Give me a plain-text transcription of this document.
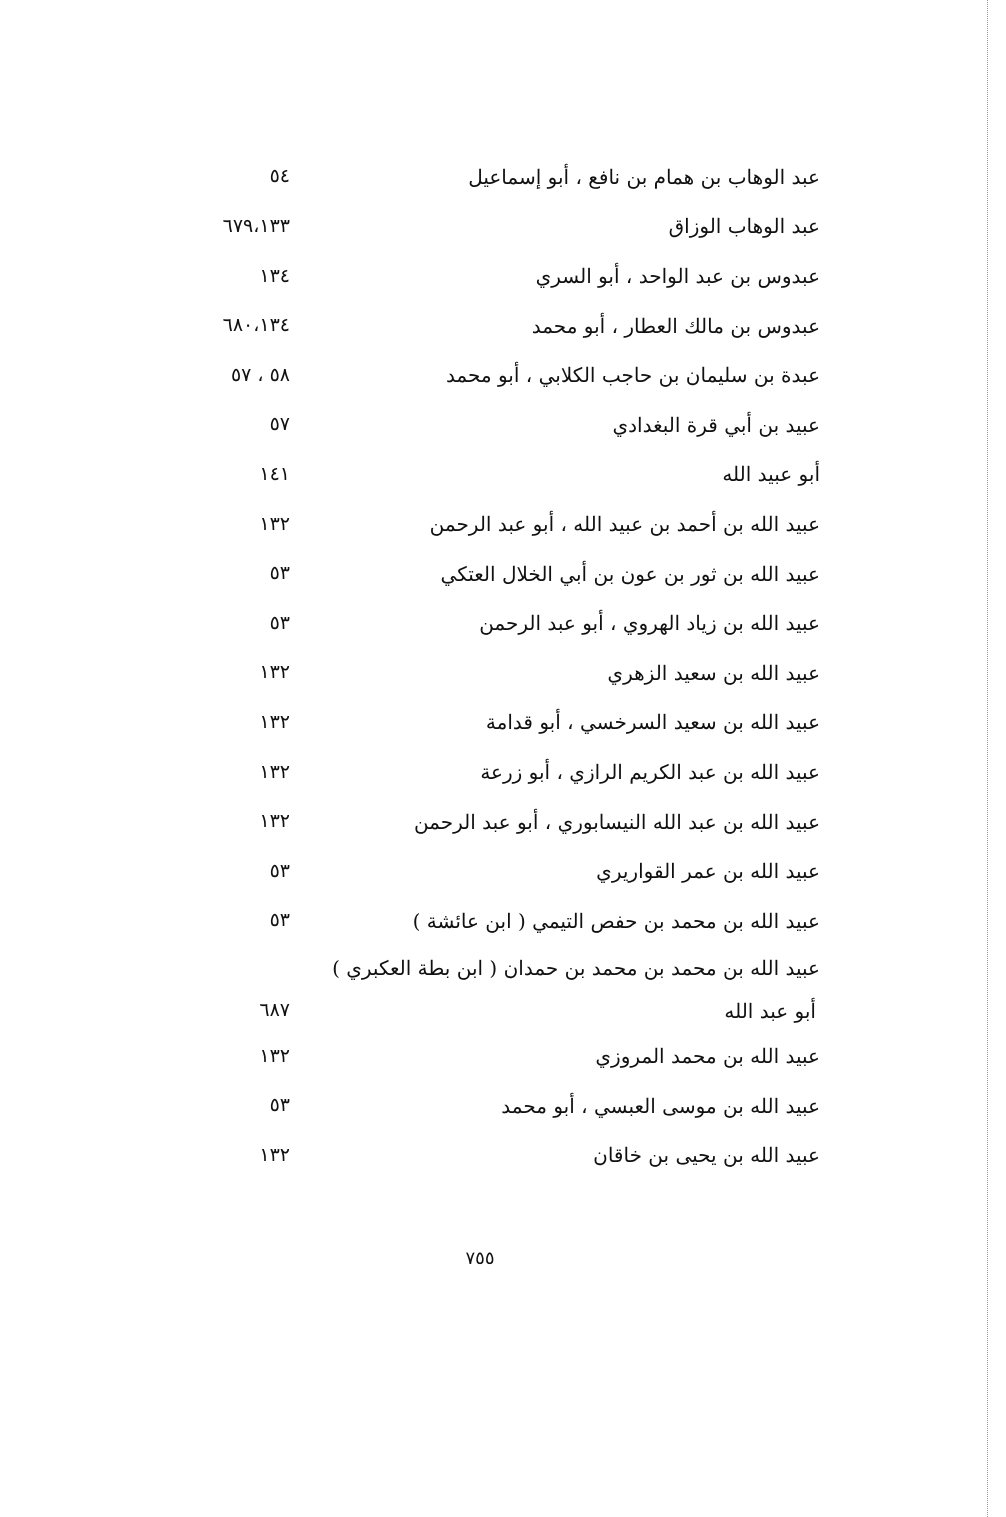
عبد الوهاب بن همام بن نافع ، أبو إسماعيل
٥٤
عبد الوهاب الوزاق
٦٧٩،١٣٣
عبدوس بن عبد الواحد ، أبو السري
١٣٤
عبدوس بن مالك العطار ، أبو محمد
٦٨٠،١٣٤
عبدة بن سليمان بن حاجب الكلابي ، أبو محمد
٥٨ ، ٥٧
عبيد بن أبي قرة البغدادي
٥٧
أبو عبيد الله
١٤١
عبيد الله بن أحمد بن عبيد الله ، أبو عبد الرحمن
١٣٢
عبيد الله بن ثور بن عون بن أبي الخلال العتكي
٥٣
عبيد الله بن زياد الهروي ، أبو عبد الرحمن
٥٣
عبيد الله بن سعيد الزهري
١٣٢
عبيد الله بن سعيد السرخسي ، أبو قدامة
١٣٢
عبيد الله بن عبد الكريم الرازي ، أبو زرعة
١٣٢
عبيد الله بن عبد الله النيسابوري ، أبو عبد الرحمن
١٣٢
عبيد الله بن عمر القواريري
٥٣
عبيد الله بن محمد بن حفص التيمي ( ابن عائشة )
٥٣
عبيد الله بن محمد بن محمد بن حمدان ( ابن بطة العكبري )
أبو عبد الله
٦٨٧
عبيد الله بن محمد المروزي
١٣٢
عبيد الله بن موسى العبسي ، أبو محمد
٥٣
عبيد الله بن يحيى بن خاقان
١٣٢
٧٥٥
